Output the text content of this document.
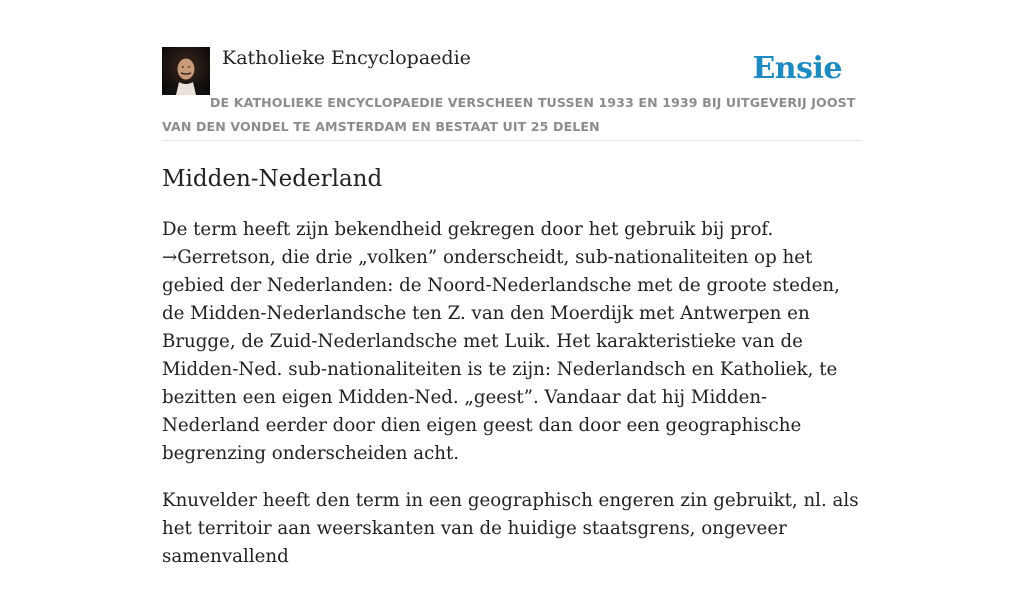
Katholieke Encyclopaedie	Ensie
DE KATHOLIEKE ENCYCLOPAEDIE VERSCHEEN TUSSEN 1933 EN 1939 BIJ UITGEVERIJ JOOST VAN DEN VONDEL TE AMSTERDAM EN BESTAAT UIT 25 DELEN
Midden-Nederland

De term heeft zijn bekendheid gekregen door het gebruik bij prof. →Gerretson, die drie „volken” onderscheidt, sub-nationaliteiten op het gebied der Nederlanden: de Noord-Nederlandsche met de groote steden, de Midden-Nederlandsche ten Z. van den Moerdijk met Antwerpen en Brugge, de Zuid-Nederlandsche met Luik. Het karakteristieke van de Midden-Ned. sub-nationaliteiten is te zijn: Nederlandsch en Katholiek, te bezitten een eigen Midden-Ned. „geest”. Vandaar dat hij Midden-Nederland eerder door dien eigen geest dan door een geographische begrenzing onderscheiden acht.

Knuvelder heeft den term in een geographisch engeren zin gebruikt, nl. als het territoir aan weerskanten van de huidige staatsgrens, ongeveer samenvallend
